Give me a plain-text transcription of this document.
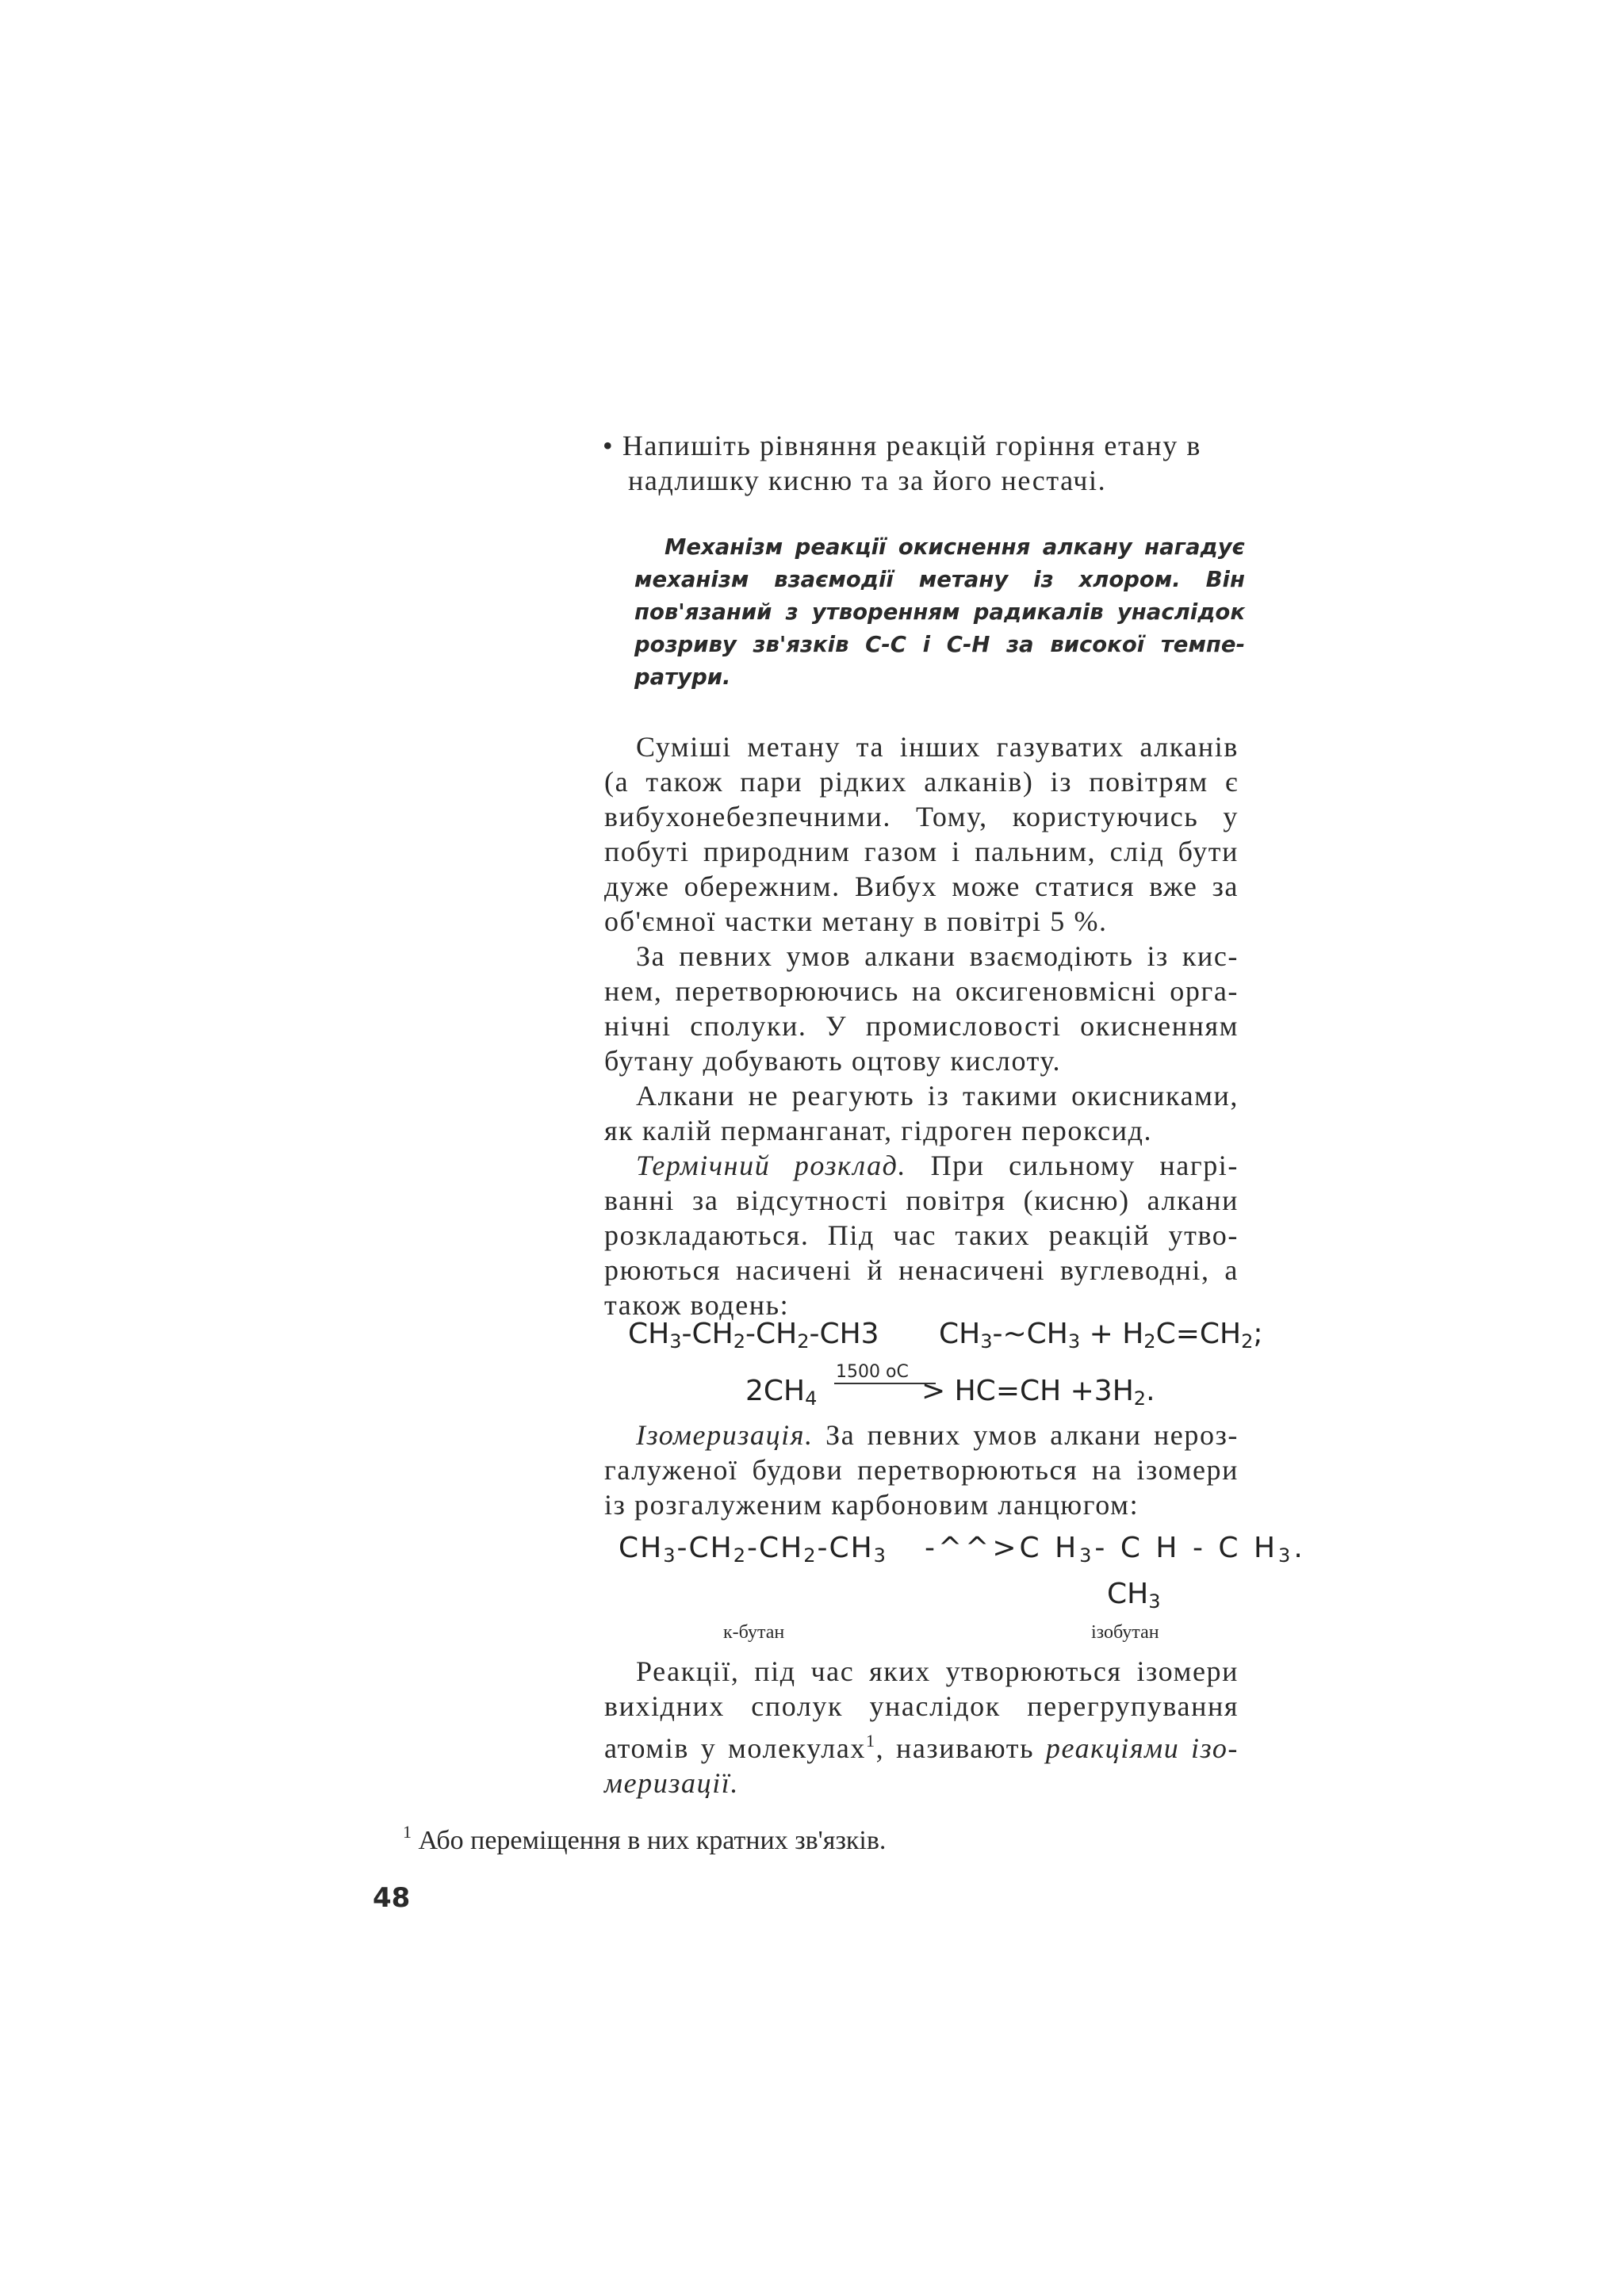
• Напишіть рівняння реакцій горіння етану в
надлишку кисню та за його нестачі.
Механізм реакції окиснення алкану нагадує
механізм взаємодії метану із хлором. Він
пов'язаний з утворенням радикалів унаслідок
розриву зв'язків С-С і С-Н за високої темпе-
ратури.
Суміші метану та інших газуватих алканів
(а також пари рідких алканів) із повітрям є
вибухонебезпечними. Тому, користуючись у
побуті природним газом і пальним, слід бути
дуже обережним. Вибух може статися вже за
об'ємної частки метану в повітрі 5 %.
За певних умов алкани взаємодіють із кис-
нем, перетворюючись на оксигеновмісні орга-
нічні сполуки. У промисловості окисненням
бутану добувають оцтову кислоту.
Алкани не реагують із такими окисниками,
як калій перманганат, гідроген пероксид.
Термічний розклад. При сильному нагрі-
ванні за відсутності повітря (кисню) алкани
розкладаються. Під час таких реакцій утво-
рюються насичені й ненасичені вуглеводні, а
також водень:
$CH_3-CH_2-CH_2-CH3$ $CH_3-\sim CH_3 + H_2C=CH_2$;
$2CH_4$
1500 оС
> $HC=CH +3H_2$.
Ізомеризація. За певних умов алкани нероз-
галуженої будови перетворюються на ізомери
із розгалуженим карбоновим ланцюгом:
$CH_3-CH_2-CH_2-CH_3$ -^^>C $H_3-$ C H - C $H_3$.
$CH_3$
к-бутан	ізобутан
Реакції, під час яких утворюються ізомери
вихідних сполук унаслідок перегрупування
атомів у молекулах$^1$, називають реакціями ізо-
меризації.
$^1$ Або переміщення в них кратних зв'язків.
48
